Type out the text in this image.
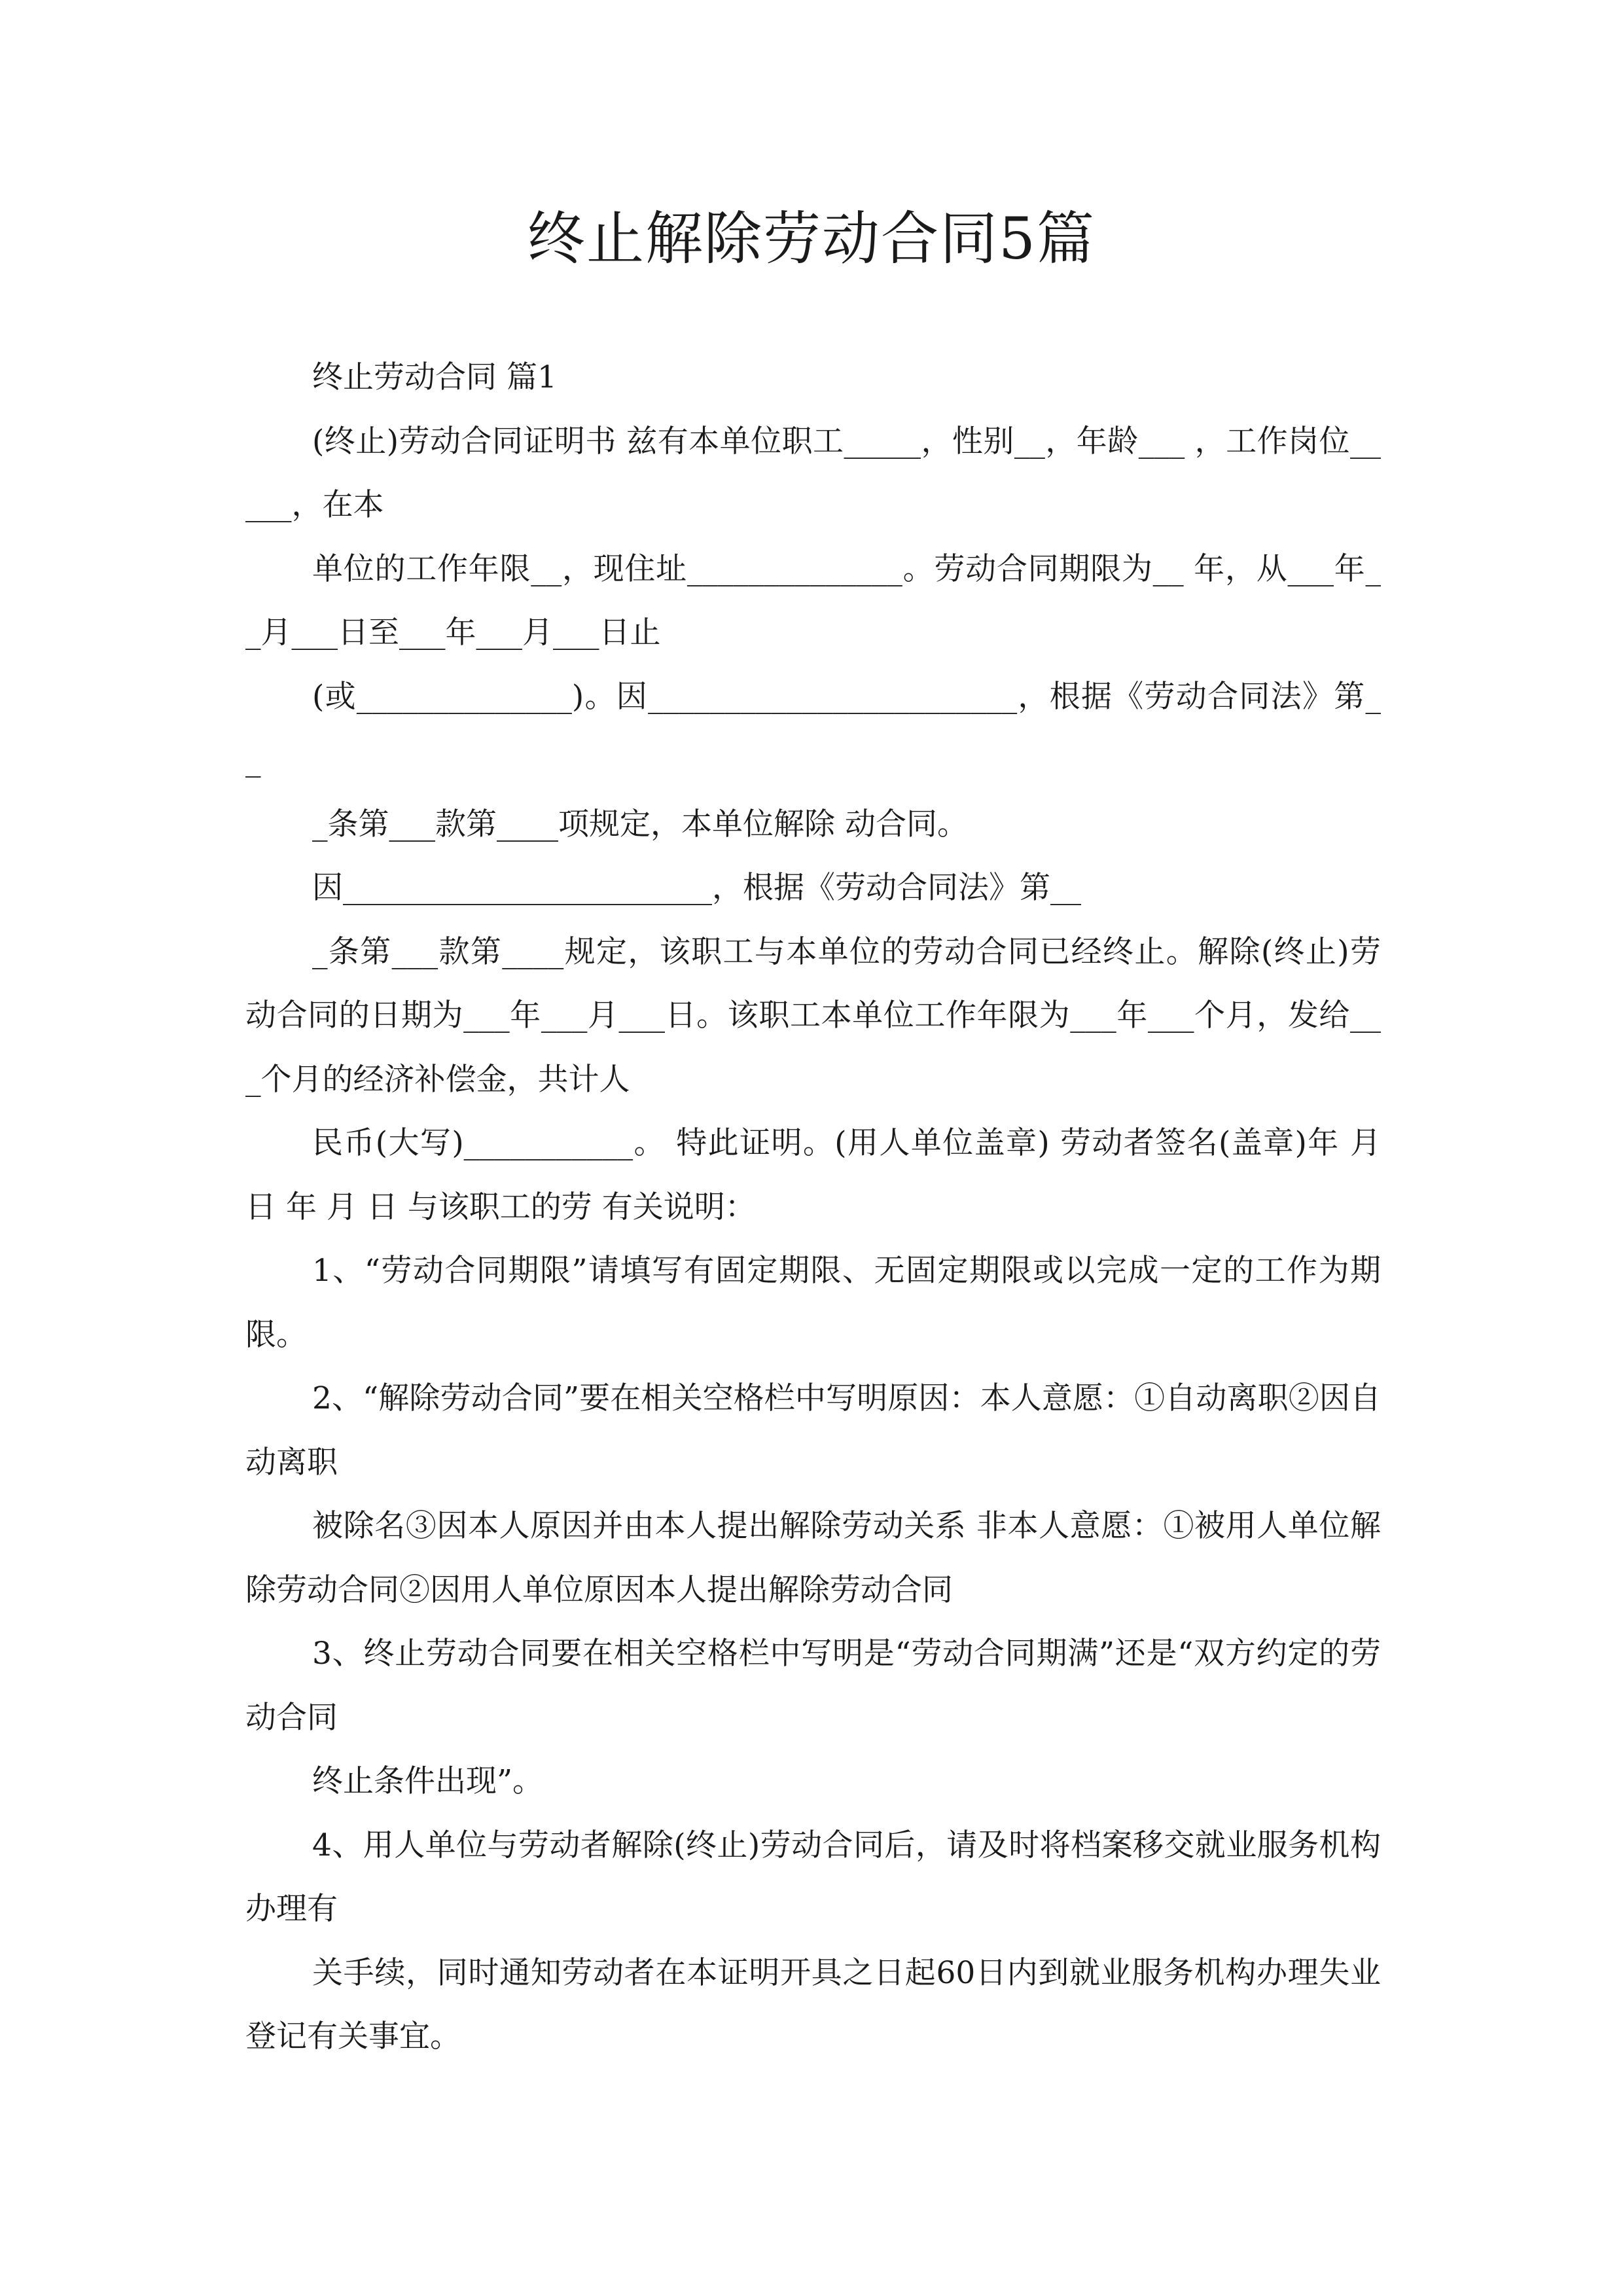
终止解除劳动合同5篇

终止劳动合同 篇1

(终止)劳动合同证明书 兹有本单位职工_____，性别__，年龄___ ，工作岗位_____，在本

单位的工作年限__，现住址______________。劳动合同期限为__ 年，从___年__月___日至___年___月___日止

(或______________)。因________________________，根据《劳动合同法》第__

_条第___款第____项规定，本单位解除 动合同。

因________________________，根据《劳动合同法》第__

_条第___款第____规定，该职工与本单位的劳动合同已经终止。解除(终止)劳动合同的日期为___年___月___日。该职工本单位工作年限为___年___个月，发给___个月的经济补偿金，共计人

民币(大写)___________。 特此证明。(用人单位盖章) 劳动者签名(盖章)年 月 日 年 月 日 与该职工的劳 有关说明：

1、“劳动合同期限”请填写有固定期限、无固定期限或以完成一定的工作为期限。

2、“解除劳动合同”要在相关空格栏中写明原因：本人意愿：①自动离职②因自动离职

被除名③因本人原因并由本人提出解除劳动关系 非本人意愿：①被用人单位解除劳动合同②因用人单位原因本人提出解除劳动合同

3、终止劳动合同要在相关空格栏中写明是“劳动合同期满”还是“双方约定的劳动合同

终止条件出现”。

4、用人单位与劳动者解除(终止)劳动合同后，请及时将档案移交就业服务机构办理有

关手续，同时通知劳动者在本证明开具之日起60日内到就业服务机构办理失业登记有关事宜。
